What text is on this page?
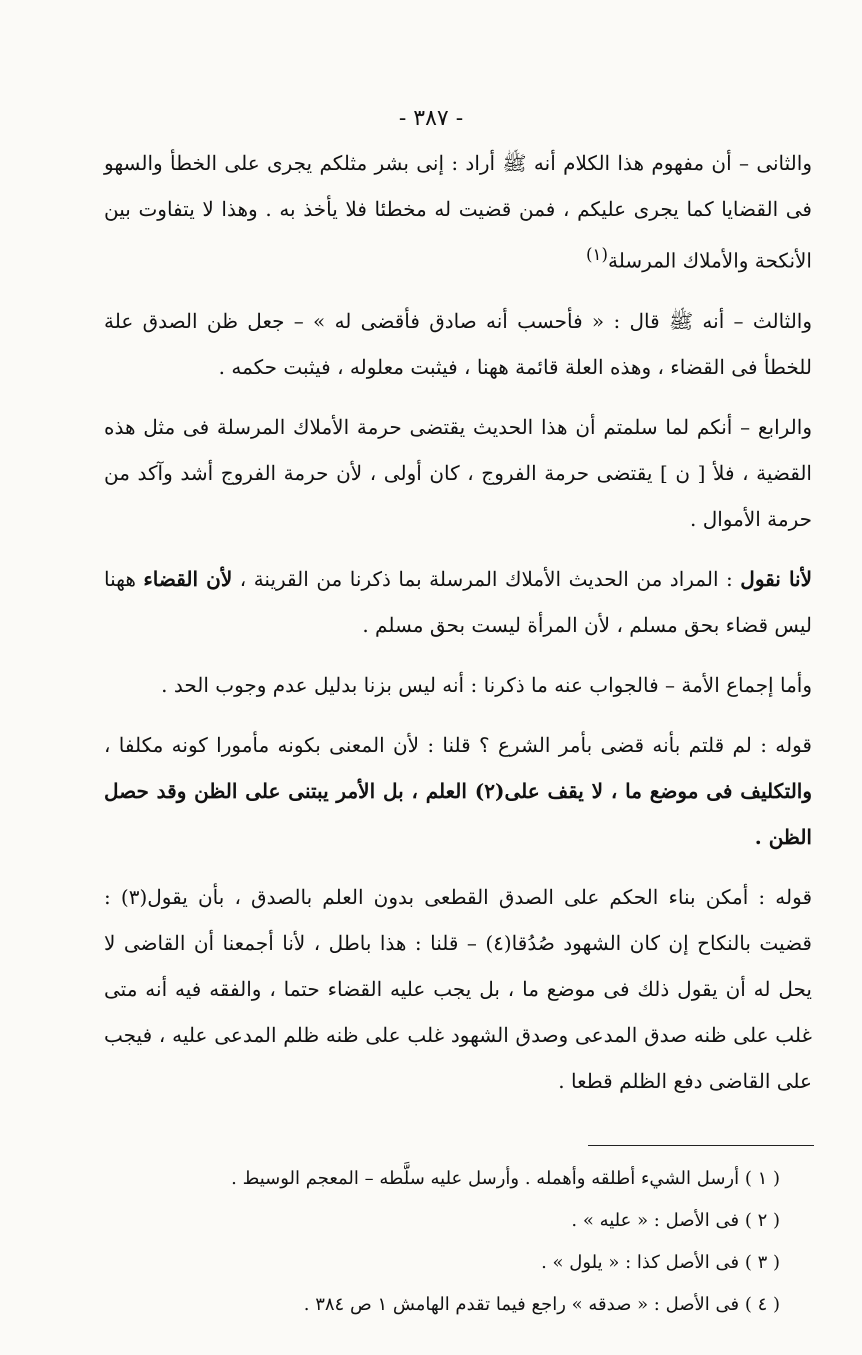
- ٣٨٧ -

والثانى – أن مفهوم هذا الكلام أنه ﷺ أراد : إنى بشر مثلكم يجرى على الخطأ والسهو فى القضايا كما يجرى عليكم ، فمن قضيت له مخطئا فلا يأخذ به . وهذا لا يتفاوت بين الأنكحة والأملاك المرسلة$^{(١)}$

والثالث – أنه ﷺ قال : « فأحسب أنه صادق فأقضى له » – جعل ظن الصدق علة للخطأ فى القضاء ، وهذه العلة قائمة ههنا ، فيثبت معلوله ، فيثبت حكمه .

والرابع – أنكم لما سلمتم أن هذا الحديث يقتضى حرمة الأملاك المرسلة فى مثل هذه القضية ، فلأ [ ن ] يقتضى حرمة الفروج ، كان أولى ، لأن حرمة الفروج أشد وآكد من حرمة الأموال .

لأنا نقول : المراد من الحديث الأملاك المرسلة بما ذكرنا من القرينة ، لأن القضاء ههنا ليس قضاء بحق مسلم ، لأن المرأة ليست بحق مسلم .

وأما إجماع الأمة – فالجواب عنه ما ذكرنا : أنه ليس بزنا بدليل عدم وجوب الحد .

قوله : لم قلتم بأنه قضى بأمر الشرع ؟ قلنا : لأن المعنى بكونه مأمورا كونه مكلفا ، والتكليف فى موضع ما ، لا يقف على(٢) العلم ، بل الأمر يبتنى على الظن وقد حصل الظن .

قوله : أمكن بناء الحكم على الصدق القطعى بدون العلم بالصدق ، بأن يقول(٣) : قضيت بالنكاح إن كان الشهود صُدُقا(٤) – قلنا : هذا باطل ، لأنا أجمعنا أن القاضى لا يحل له أن يقول ذلك فى موضع ما ، بل يجب عليه القضاء حتما ، والفقه فيه أنه متى غلب على ظنه صدق المدعى وصدق الشهود غلب على ظنه ظلم المدعى عليه ، فيجب على القاضى دفع الظلم قطعا .

( ١ ) أرسل الشيء أطلقه وأهمله . وأرسل عليه سلَّطه – المعجم الوسيط .

( ٢ ) فى الأصل : « عليه » .

( ٣ ) فى الأصل كذا : « يلول » .

( ٤ ) فى الأصل : « صدقه » راجع فيما تقدم الهامش ١ ص ٣٨٤ .
